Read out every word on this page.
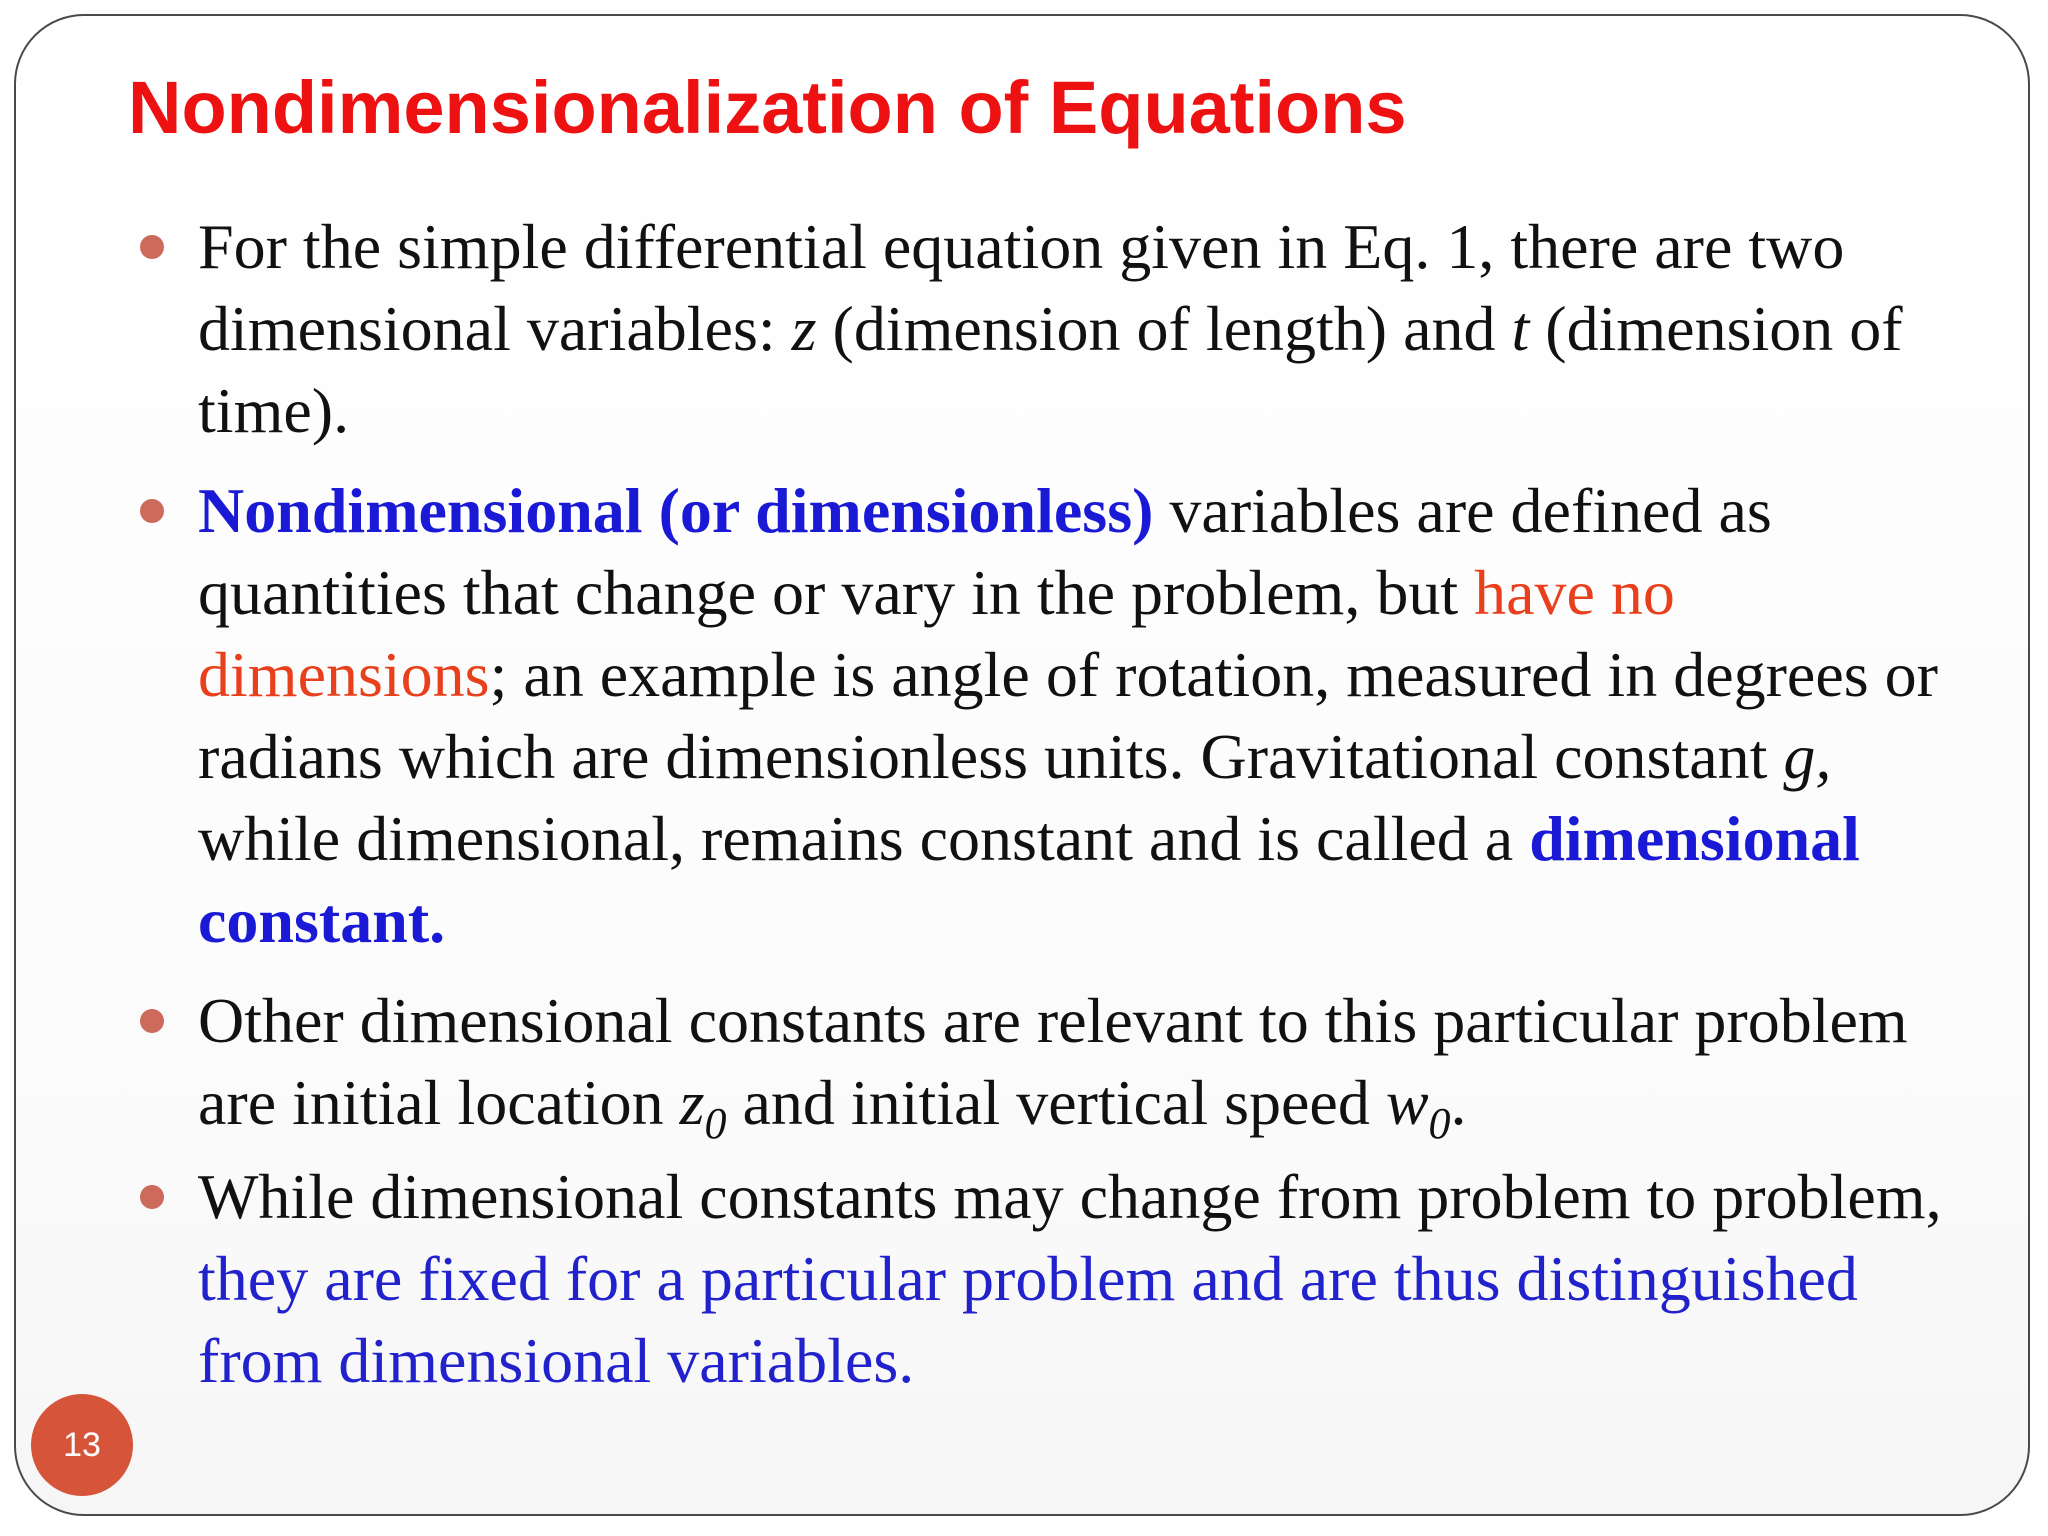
Nondimensionalization of Equations
For the simple differential equation given in Eq. 1, there are two dimensional variables: z (dimension of length) and t (dimension of time).
Nondimensional (or dimensionless) variables are defined as quantities that change or vary in the problem, but have no dimensions; an example is angle of rotation, measured in degrees or radians which are dimensionless units. Gravitational constant g, while dimensional, remains constant and is called a dimensional constant.
Other dimensional constants are relevant to this particular problem are initial location $z_0$ and initial vertical speed $w_0$.
While dimensional constants may change from problem to problem, they are fixed for a particular problem and are thus distinguished from dimensional variables.
13
